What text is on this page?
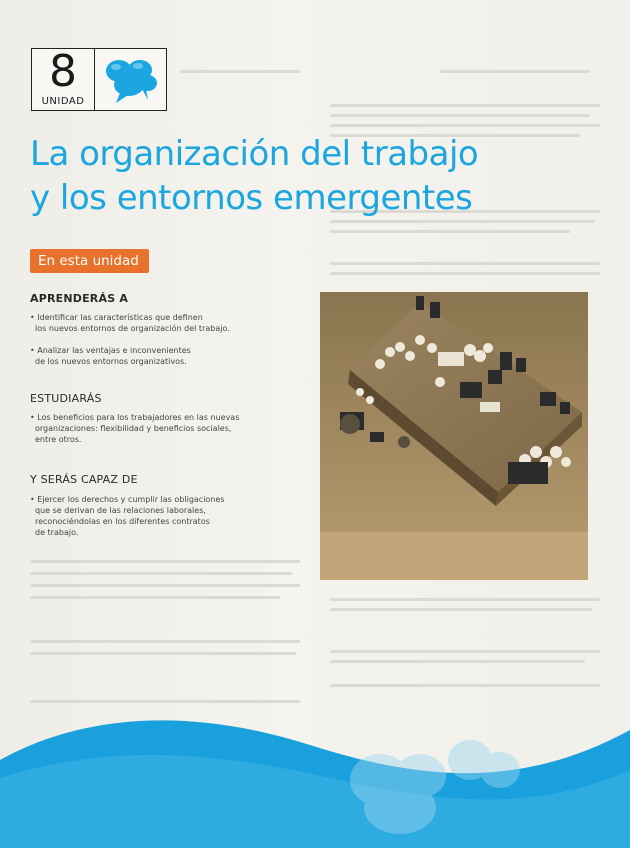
8
UNIDAD
La organización del trabajo
y los entornos emergentes
En esta unidad
APRENDERÁS A

• Identificar las características que definen
los nuevos entornos de organización del trabajo.

• Analizar las ventajas e inconvenientes
de los nuevos entornos organizativos.

ESTUDIARÁS

• Los beneficios para los trabajadores en las nuevas
organizaciones: flexibilidad y beneficios sociales,
entre otros.

Y SERÁS CAPAZ DE

• Ejercer los derechos y cumplir las obligaciones
que se derivan de las relaciones laborales,
reconociéndolas en los diferentes contratos
de trabajo.
